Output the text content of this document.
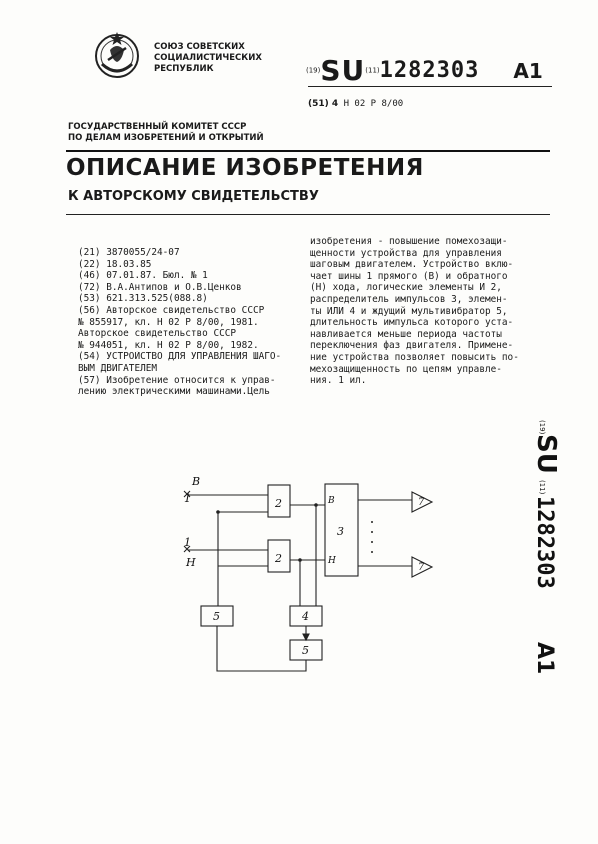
СОЮЗ СОВЕТСКИХ
СОЦИАЛИСТИЧЕСКИХ
РЕСПУБЛИК	(19)SU(11)1282303 A1
(51) 4 H 02 P 8/00
ГОСУДАРСТВЕННЫЙ КОМИТЕТ СССР
ПО ДЕЛАМ ИЗОБРЕТЕНИЙ И ОТКРЫТИЙ
ОПИСАНИЕ ИЗОБРЕТЕНИЯ
К АВТОРСКОМУ СВИДЕТЕЛЬСТВУ
(21) 3870055/24-07
(22) 18.03.85
(46) 07.01.87. Бюл. № 1
(72) В.А.Антипов и О.В.Ценков
(53) 621.313.525(088.8)
(56) Авторское свидетельство СССР
№ 855917, кл. H 02 P 8/00, 1981.
Авторское свидетельство СССР
№ 944051, кл. H 02 P 8/00, 1982.
(54) УСТРОЙСТВО ДЛЯ УПРАВЛЕНИЯ ШАГО-
ВЫМ ДВИГАТЕЛЕМ
(57) Изобретение относится к управ-
лению электрическими машинами.Цель
изобретения - повышение помехозащи-
щенности устройства для управления
шаговым двигателем. Устройство вклю-
чает шины 1 прямого (В) и обратного
(Н) хода, логические элементы И 2,
распределитель импульсов 3, элемен-
ты ИЛИ 4 и ждущий мультивибратор 5,
длительность импульса которого уста-
навливается меньше периода частоты
переключения фаз двигателя. Примене-
ние устройства позволяет повысить по-
мехозащищенность по цепям управле-
ния. 1 ил.
(19)
SU
(11)
1282303
A1
В
1
1
Н
2
2
В
Н
3
5	4
5
7
7
